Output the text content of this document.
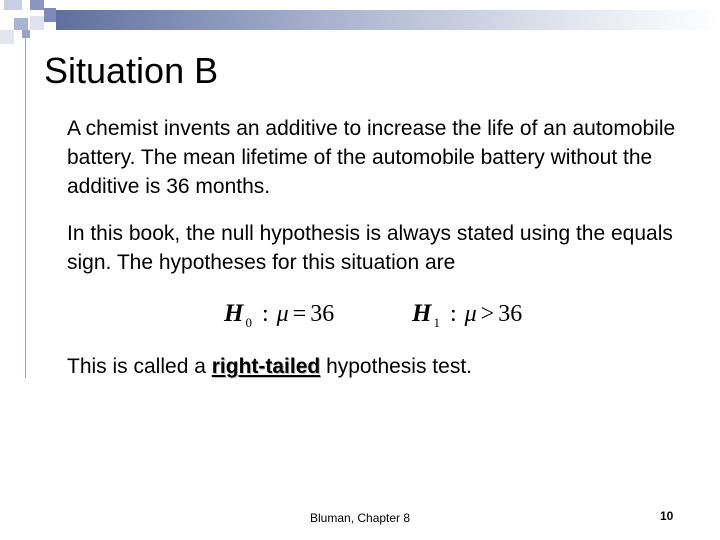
Situation B
A chemist invents an additive to increase the life of an automobile battery. The mean lifetime of the automobile battery without the additive is 36 months.
In this book, the null hypothesis is always stated using the equals sign. The hypotheses for this situation are
H $_0$ : μ = 36	H $_1$ : μ > 36
This is called a right-tailed hypothesis test.
Bluman, Chapter 8	10
